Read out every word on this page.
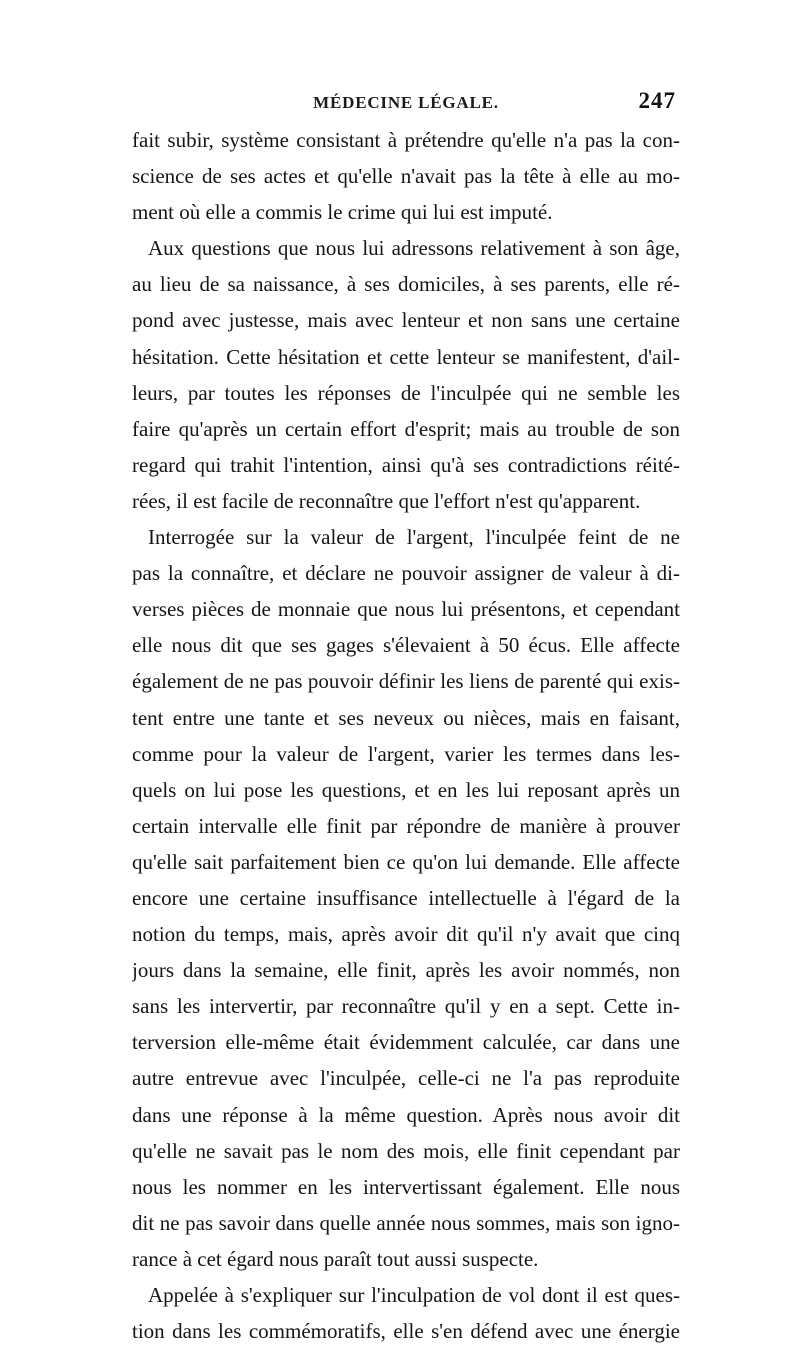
MÉDECINE LÉGALE.	247
fait subir, système consistant à prétendre qu'elle n'a pas la con-
science de ses actes et qu'elle n'avait pas la tête à elle au mo-
ment où elle a commis le crime qui lui est imputé.
Aux questions que nous lui adressons relativement à son âge,
au lieu de sa naissance, à ses domiciles, à ses parents, elle ré-
pond avec justesse, mais avec lenteur et non sans une certaine
hésitation. Cette hésitation et cette lenteur se manifestent, d'ail-
leurs, par toutes les réponses de l'inculpée qui ne semble les
faire qu'après un certain effort d'esprit; mais au trouble de son
regard qui trahit l'intention, ainsi qu'à ses contradictions réité-
rées, il est facile de reconnaître que l'effort n'est qu'apparent.
Interrogée sur la valeur de l'argent, l'inculpée feint de ne
pas la connaître, et déclare ne pouvoir assigner de valeur à di-
verses pièces de monnaie que nous lui présentons, et cependant
elle nous dit que ses gages s'élevaient à 50 écus. Elle affecte
également de ne pas pouvoir définir les liens de parenté qui exis-
tent entre une tante et ses neveux ou nièces, mais en faisant,
comme pour la valeur de l'argent, varier les termes dans les-
quels on lui pose les questions, et en les lui reposant après un
certain intervalle elle finit par répondre de manière à prouver
qu'elle sait parfaitement bien ce qu'on lui demande. Elle affecte
encore une certaine insuffisance intellectuelle à l'égard de la
notion du temps, mais, après avoir dit qu'il n'y avait que cinq
jours dans la semaine, elle finit, après les avoir nommés, non
sans les intervertir, par reconnaître qu'il y en a sept. Cette in-
terversion elle-même était évidemment calculée, car dans une
autre entrevue avec l'inculpée, celle-ci ne l'a pas reproduite
dans une réponse à la même question. Après nous avoir dit
qu'elle ne savait pas le nom des mois, elle finit cependant par
nous les nommer en les intervertissant également. Elle nous
dit ne pas savoir dans quelle année nous sommes, mais son igno-
rance à cet égard nous paraît tout aussi suspecte.
Appelée à s'expliquer sur l'inculpation de vol dont il est ques-
tion dans les commémoratifs, elle s'en défend avec une énergie
